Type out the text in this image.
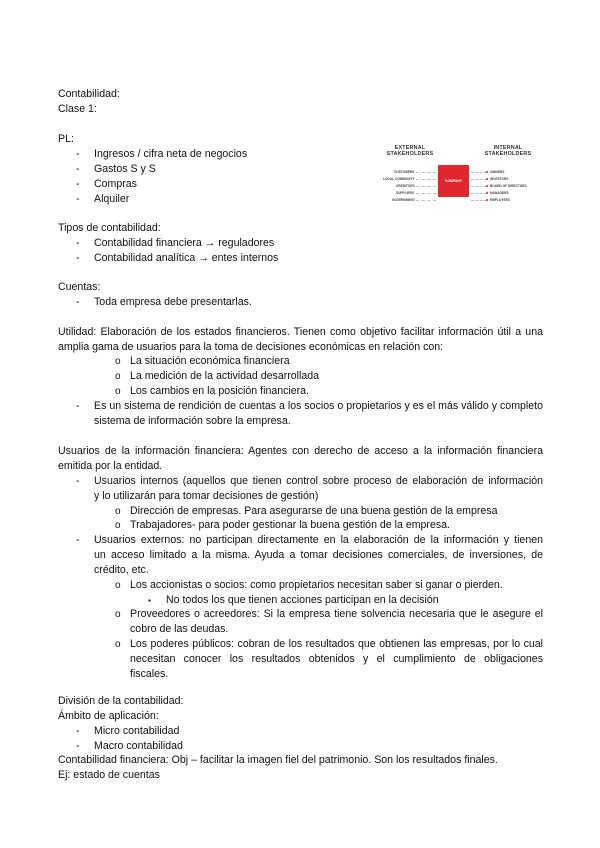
Contabilidad:
Clase 1:
PL:
- Ingresos / cifra neta de negocios
- Gastos S y S
- Compras
- Alquiler
EXTERNAL
STAKEHOLDERS
INTERNAL
STAKEHOLDERS
COMPANY
CUSTOMERS
LOCAL COMMUNITY
CREDITORS
SUPPLIERS
GOVERNMENT
OWNERS
INVESTORS
BOARD OF DIRECTORS
MANAGERS
EMPLOYEES
Tipos de contabilidad:
- Contabilidad financiera → reguladores
- Contabilidad analítica → entes internos
Cuentas:
- Toda empresa debe presentarlas.
Utilidad: Elaboración de los estados financieros. Tienen como objetivo facilitar información útil a una
amplia gama de usuarios para la toma de decisiones económicas en relación con:
o La situación económica financiera
o La medición de la actividad desarrollada
o Los cambios en la posición financiera.
- Es un sistema de rendición de cuentas a los socios o propietarios y es el más válido y completo
sistema de información sobre la empresa.
Usuarios de la información financiera: Agentes con derecho de acceso a la información financiera
emitida por la entidad.
- Usuarios internos (aquellos que tienen control sobre proceso de elaboración de información
y lo utilizarán para tomar decisiones de gestión)
o Dirección de empresas. Para asegurarse de una buena gestión de la empresa
o Trabajadores- para poder gestionar la buena gestión de la empresa.
- Usuarios externos: no participan directamente en la elaboración de la información y tienen
un acceso limitado a la misma. Ayuda a tomar decisiones comerciales, de inversiones, de
crédito, etc.
o Los accionistas o socios: como propietarios necesitan saber si ganar o pierden.
▪ No todos los que tienen acciones participan en la decisión
o Proveedores o acreedores: Si la empresa tiene solvencia necesaria que le asegure el
cobro de las deudas.
o Los poderes públicos: cobran de los resultados que obtienen las empresas, por lo cual
necesitan conocer los resultados obtenidos y el cumplimiento de obligaciones
fiscales.
División de la contabilidad:
Ámbito de aplicación:
- Micro contabilidad
- Macro contabilidad
Contabilidad financiera: Obj – facilitar la imagen fiel del patrimonio. Son los resultados finales.
Ej: estado de cuentas
